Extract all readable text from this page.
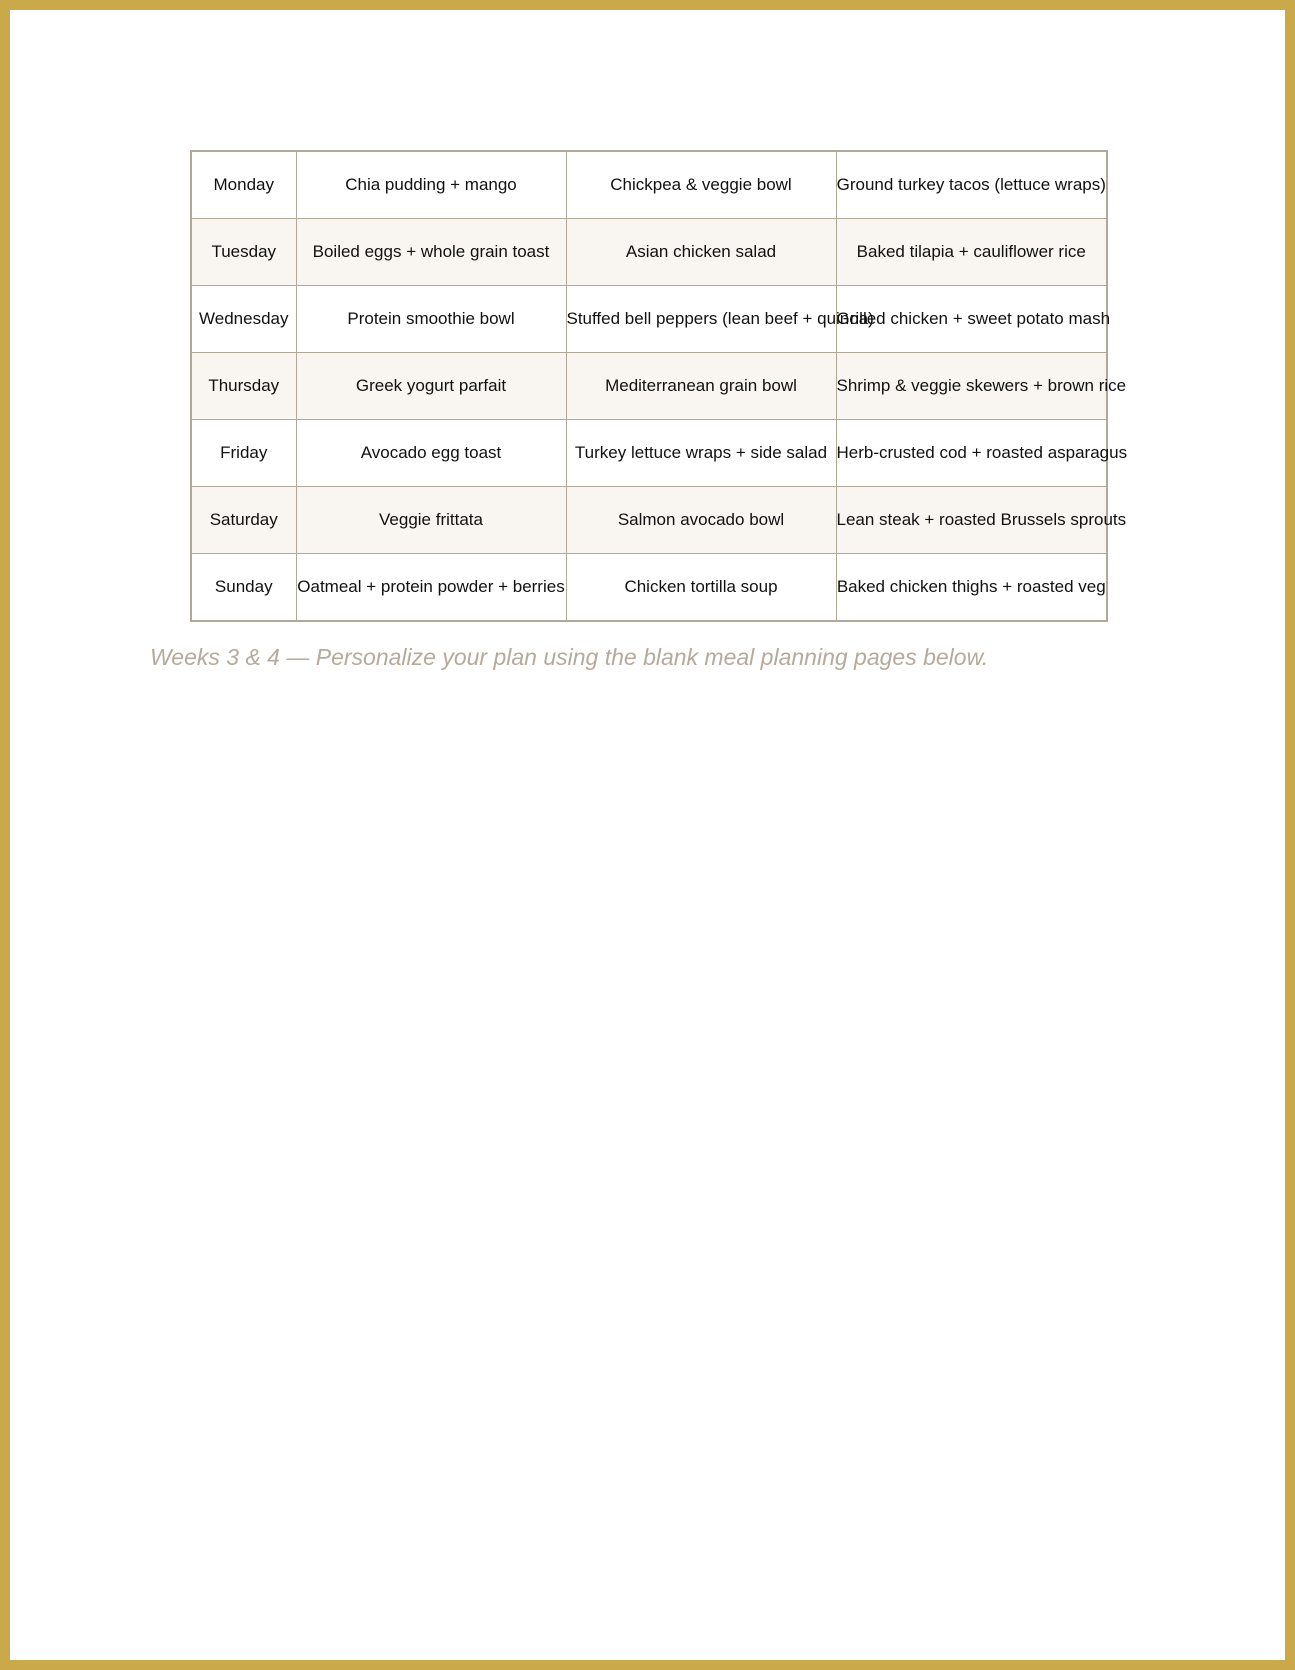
Monday	Chia pudding + mango	Chickpea & veggie bowl	Ground turkey tacos (lettuce wraps)
Tuesday	Boiled eggs + whole grain toast	Asian chicken salad	Baked tilapia + cauliflower rice
Wednesday	Protein smoothie bowl	Stuffed bell peppers (lean beef + quinoa)	Grilled chicken + sweet potato mash
Thursday	Greek yogurt parfait	Mediterranean grain bowl	Shrimp & veggie skewers + brown rice
Friday	Avocado egg toast	Turkey lettuce wraps + side salad	Herb-crusted cod + roasted asparagus
Saturday	Veggie frittata	Salmon avocado bowl	Lean steak + roasted Brussels sprouts
Sunday	Oatmeal + protein powder + berries	Chicken tortilla soup	Baked chicken thighs + roasted veg
Weeks 3 & 4 — Personalize your plan using the blank meal planning pages below.
